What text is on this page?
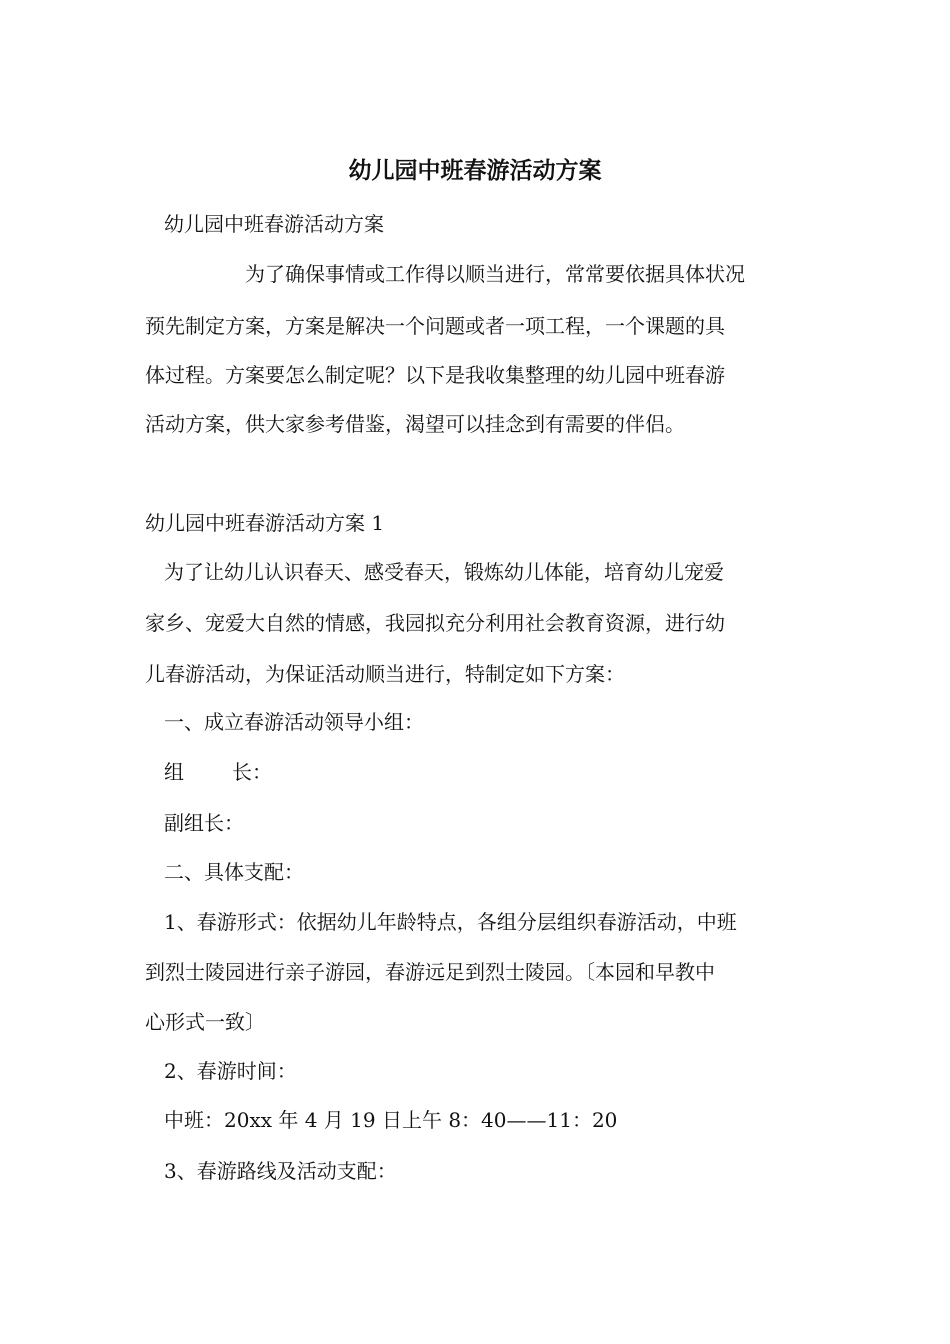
幼儿园中班春游活动方案
幼儿园中班春游活动方案
为了确保事情或工作得以顺当进行，常常要依据具体状况
预先制定方案，方案是解决一个问题或者一项工程，一个课题的具
体过程。方案要怎么制定呢？以下是我收集整理的幼儿园中班春游
活动方案，供大家参考借鉴，渴望可以挂念到有需要的伴侣。
幼儿园中班春游活动方案 1
为了让幼儿认识春天、感受春天，锻炼幼儿体能，培育幼儿宠爱
家乡、宠爱大自然的情感，我园拟充分利用社会教育资源，进行幼
儿春游活动，为保证活动顺当进行，特制定如下方案：
一、成立春游活动领导小组：
组 长：
副组长：
二、具体支配：
1、春游形式：依据幼儿年龄特点，各组分层组织春游活动，中班
到烈士陵园进行亲子游园，春游远足到烈士陵园。〔本园和早教中
心形式一致〕
2、春游时间：
中班：20xx 年 4 月 19 日上午 8：40——11：20
3、春游路线及活动支配：
